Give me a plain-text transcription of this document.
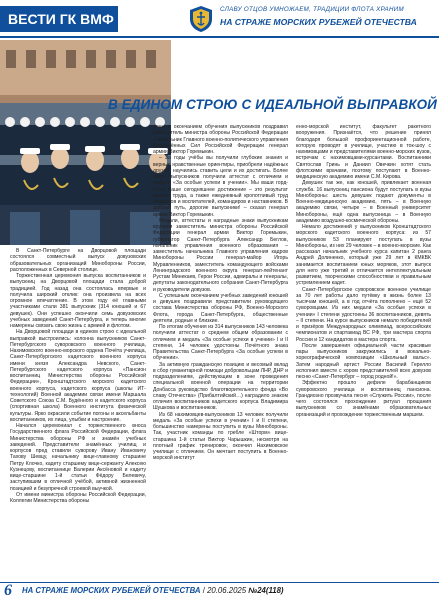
ВЕСТИ ГК ВМФ
СЛАВУ ОТЦОВ УМНОЖАЕМ, ТРАДИЦИИ ФЛОТА ХРАНИМ
НА СТРАЖЕ МОРСКИХ РУБЕЖЕЙ ОТЕЧЕСТВА
В ЕДИНОМ СТРОЮ С ИДЕАЛЬНОЙ ВЫПРАВКОЙ

В Санкт-Петербурге на Дворцовой площади состоялся совместный выпуск довузовских образовательных организаций Минобороны России, расположенных в Северной столице.

Торжественная церемония выпуска воспитанников и выпускниц на Дворцовой площади стала доброй традицией. Год назад она состоялась впервые и получила широкий отклик: она произвела на всех огромное впечатление. В этом году её главными участниками стали 381 выпускник (314 юношей и 67 девушек). Они успешно окончили семь довузовских учебных заведений Санкт-Петербурга, и теперь многие намерены связать свою жизнь с армией и флотом.

На Дворцовой площади в едином строю с идеальной выправкой выстроились: колонна выпускников Санкт-Петербургского суворовского военного училища, Нахимовского военно-морского ордена Почёта училища, Санкт-Петербургского кадетского военного корпуса имени князя Александра Невского, Санкт-Петербургского кадетского корпуса «Пансион воспитанниц Министерства обороны Российской Федерации», Кронштадтского морского кадетского военного корпуса, кадетского корпуса (школы ИТ-технологий) Военной академии связи имени Маршала Советского Союза С.М. Будённого и кадетского корпуса (спортивная школа) Военного института физической культуры. Ярко окрасили событие погоны и аксельбанты воспитанников, их лица, улыбки и настроение.

Начался церемониал с торжественного вноса Государственного флага Российской Федерации, флага Министерства обороны РФ и знамён учебных заведений. Представители знамённых училищ и корпусов пред ставили суворову Ивану Ивановичу Тахову Шевцу, начальнику вице-главному старшине Петру Клочко, кадету старшему вице-сержанту Алексею Кузнецову, воспитаннице Валерии Аксёновой и кадету вице-старшине 1-й статьи Фёдору Белевичу, заступившим в отличной учёбой, активной жизненной позицией и безупречной строевой выучкой.

От имени министра обороны Российской Федерации, Коллегии Министерства обороны

роны с окончанием обучения выпускников поздравил заместитель министра обороны Российской Федерации – начальник Главного военно-политического управления Вооружённых Сил Российской Федерации генерал армии Виктор Горемыкин.

– За годы учёбы вы получили глубокие знания и верные нравственные ориентиры, приобрели надёжных друзей, научились ставить цели и их достигать. Более трети выпускников получили аттестат с отличием и медаль «За особые успехи в учении». Мы ваши гордости! Ваше сегодняшнее достижение – это результат вашего труда, а также ежедневный кропотливый труд педагогов и воспитателей, командиров и наставников. В добрый путь, дорогие выпускники! – сказал генерал армии Виктор Горемыкин.

Медали, аттестаты и наградные знаки выпускникам вручили заместитель министра обороны Российской Федерации генерал армии Виктор Горемыкин, губернатор Санкт-Петербурга Александр Беглов, начальник управления военного образования – заместитель начальника Главного управления кадров Минобороны России генерал-майор Игорь Муравленников, заместитель командующего войсками Ленинградского военного округа генерал-лейтенант Рустам Минекаев, Герои России, адмиралы и генералы, депутаты законодательного собрания Санкт-Петербурга и руководители довузов.

С успешным окончанием учебных заведений юношей и девушек поздравили представители руководящего состава Министерства обороны РФ, Военно-Морского Флота, города Санкт-Петербурга, общественные деятели, родные и близкие.

По итогам обучения из 314 выпускников 143 человека получили аттестат о среднем общем образовании с отличием и медаль «За особые успехи в учении» I и II степени, 14 человек удостоены Почётного знака Правительства Санкт-Петербурга «За особые успехи в обучении».

За активную гражданскую позицию и весомый вклад в сбор гуманитарной помощи добровольцам ЛНР, ДНР и подразделениям, действующим в зоне проведения специальной военной операции на территории Донбасса руководство благотворительного фонда «Во славу Отечества» (Прибалтийский…) наградило знаком отличия воспитанников кадетского корпуса Владимира Шушкова и воспитанников.

Из 68 нахимовцев-выпускников 13 человек получили медаль «За особые успехи в учении» I и II степени, большинство намерены поступить в вузы Минобороны. Так, участник команды по гребле «Шторм» вице-старшина 1-й статьи Виктор Чарышкин, несмотря на плотный график тренировок, окончил Нахимовское училище с отличием. Он мечтает поступить в Военно-морской институт

енно-морской институт, факультет ракетного вооружения. Признаётся, что решение принял благодаря большой профориентационной работе, которую проводят в училище, участию в ток-шоу с нахимовцами и представителями военно-морских вузов, встречам с нахимовцами-курсантами. Воспитанники Святослав Гринь и Даниил Овечкин хотят стать флотскими врачами, поэтому поступают в Военно-медицинскую академию имени С.М. Кирова.

Девушек так же, как юношей, привлекает военная служба. 16 выпускниц пансиона будут поступать в вузы Минобороны: шесть девушек подают документы в Военно-медицинскую академию, пять – в Военную академию связи, четыре – в Военный университет Минобороны, ещё одна выпускница – в Военную академию воздушно-космической обороны.

Немало достижений у выпускников Кронштадтского морского кадетского военного корпуса: из 57 выпускников 53 планируют поступать в вузы Минобороны, из них 29 человек – в военно-морские. Как рассказал начальник учебного курса капитан 2 ранга Андрей Долиненко, который уже 29 лет в КМКВК занимается воспитанием юных моряков, этот выпуск для него уже третий и отличается интеллектуальным развитием, творческими способностями и правильным устремлением кадет.

Санкт-Петербургское суворовское военное училище за 70 лет работы дало путёвку в жизнь более 13 тысячам юношей, а в год отчёта пополнено – ещё 52 суворовцами. Из них медали «За особые успехи в учении» I степени удостоены 36 воспитанников, девять – II степени. На курсе выпускников немало победителей и призёров Международных олимпиад, всероссийских чемпионатов и спартакиад ВС РФ, три мастера спорта России и 12 кандидатов в мастера спорта.

После завершения официальной части красивые пары выпускников закружились в вокально-хореографической композиции «Школьный вальс». Затем народный артист России Василий Герелло исполнил вместе с хором представителей всех довузов песню «Санкт-Петербург – город родной!».

Эффектно прошло дефиле барабанщиков суворовского училища и воспитанниц пансиона. Грандиозно прозвучала песня «Служить России», после чего состоялся прохождение ритуал прощания выпускников со знамёнами образовательных организаций и прохождение торжественным маршем.

6 НА СТРАЖЕ МОРСКИХ РУБЕЖЕЙ ОТЕЧЕСТВА / 20.06.2025 №24(118)
